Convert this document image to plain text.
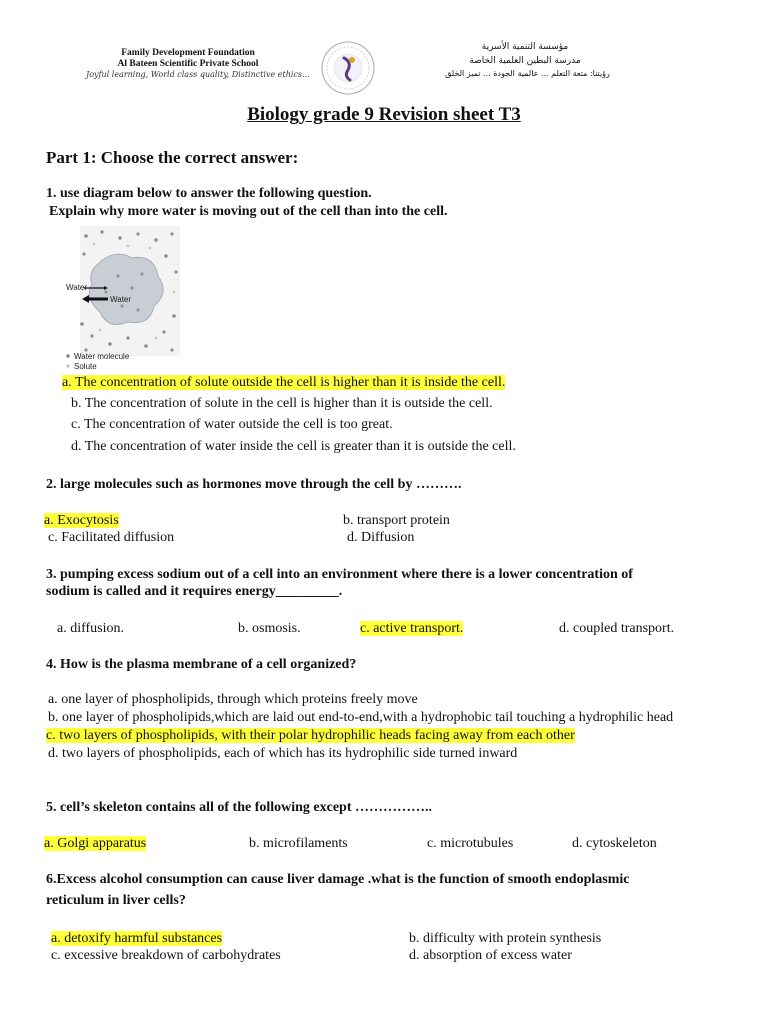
Family Development Foundation
Al Bateen Scientific Private School
Joyful learning, World class quality, Distinctive ethics...
مؤسسة التنمية الأسرية
مدرسة البطين العلمية الخاصة
رؤيتنا: متعة التعلم ... عالمية الجودة ... تميز الخلق
Biology grade 9 Revision sheet T3
Part 1: Choose the correct answer:
1. use diagram below to answer the following question.
Explain why more water is moving out of the cell than into the cell.
Water
Water
Water molecule
Solute
a. The concentration of solute outside the cell is higher than it is inside the cell.
b. The concentration of solute in the cell is higher than it is outside the cell.
c. The concentration of water outside the cell is too great.
d. The concentration of water inside the cell is greater than it is outside the cell.
2. large molecules such as hormones move through the cell by ……….
a. Exocytosis	b. transport protein
c. Facilitated diffusion	d. Diffusion
3. pumping excess sodium out of a cell into an environment where there is a lower concentration of
sodium is called and it requires energy_________.
a. diffusion.	b. osmosis.	c. active transport.	d. coupled transport.
4. How is the plasma membrane of a cell organized?
a. one layer of phospholipids, through which proteins freely move
b. one layer of phospholipids,which are laid out end-to-end,with a hydrophobic tail touching a hydrophilic head
c. two layers of phospholipids, with their polar hydrophilic heads facing away from each other
d. two layers of phospholipids, each of which has its hydrophilic side turned inward
5. cell’s skeleton contains all of the following except ……………..
a. Golgi apparatus	b. microfilaments	c. microtubules	d. cytoskeleton
6.Excess alcohol consumption can cause liver damage .what is the function of smooth endoplasmic
reticulum in liver cells?
a. detoxify harmful substances	b. difficulty with protein synthesis
c. excessive breakdown of carbohydrates	d. absorption of excess water
